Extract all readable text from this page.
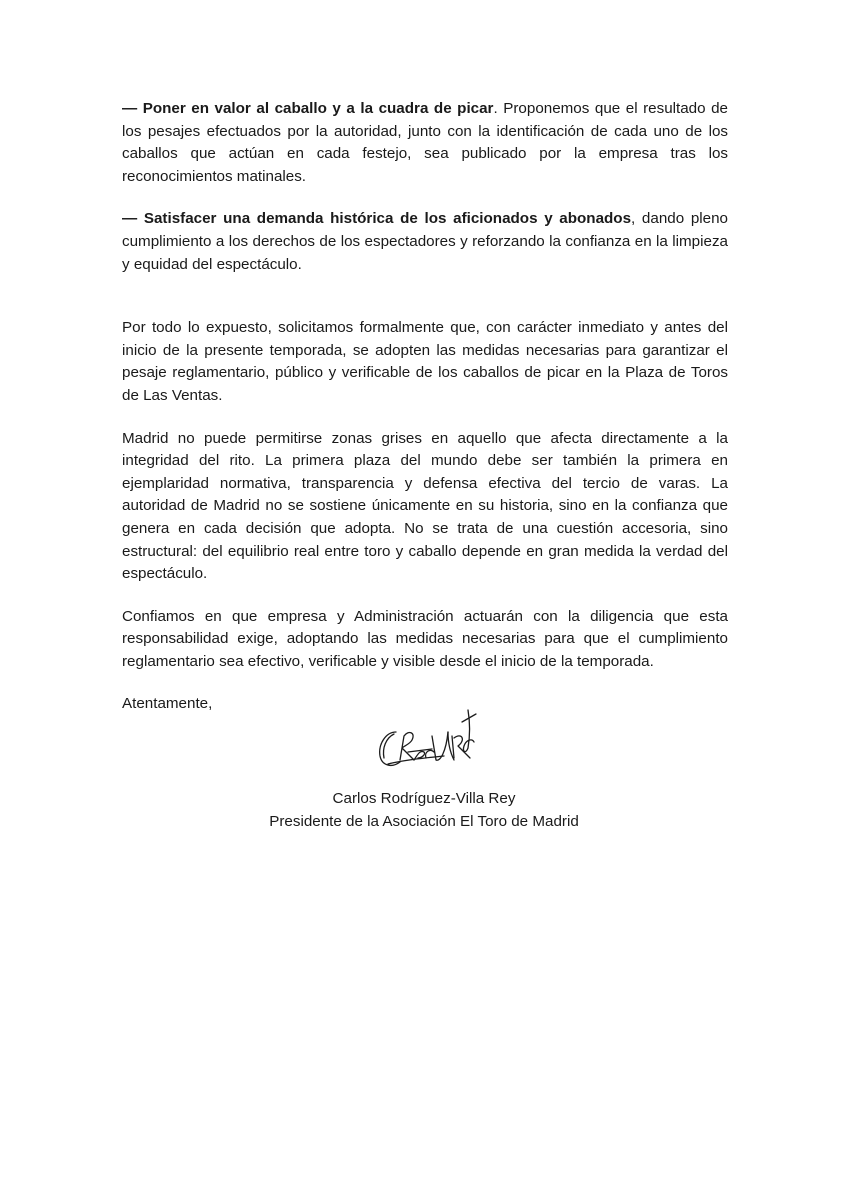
— Poner en valor al caballo y a la cuadra de picar. Proponemos que el resultado de los pesajes efectuados por la autoridad, junto con la identificación de cada uno de los caballos que actúan en cada festejo, sea publicado por la empresa tras los reconocimientos matinales.

— Satisfacer una demanda histórica de los aficionados y abonados, dando pleno cumplimiento a los derechos de los espectadores y reforzando la confianza en la limpieza y equidad del espectáculo.

Por todo lo expuesto, solicitamos formalmente que, con carácter inmediato y antes del inicio de la presente temporada, se adopten las medidas necesarias para garantizar el pesaje reglamentario, público y verificable de los caballos de picar en la Plaza de Toros de Las Ventas.

Madrid no puede permitirse zonas grises en aquello que afecta directamente a la integridad del rito. La primera plaza del mundo debe ser también la primera en ejemplaridad normativa, transparencia y defensa efectiva del tercio de varas. La autoridad de Madrid no se sostiene únicamente en su historia, sino en la confianza que genera en cada decisión que adopta. No se trata de una cuestión accesoria, sino estructural: del equilibrio real entre toro y caballo depende en gran medida la verdad del espectáculo.

Confiamos en que empresa y Administración actuarán con la diligencia que esta responsabilidad exige, adoptando las medidas necesarias para que el cumplimiento reglamentario sea efectivo, verificable y visible desde el inicio de la temporada.

Atentamente,

Carlos Rodríguez-Villa Rey
Presidente de la Asociación El Toro de Madrid
